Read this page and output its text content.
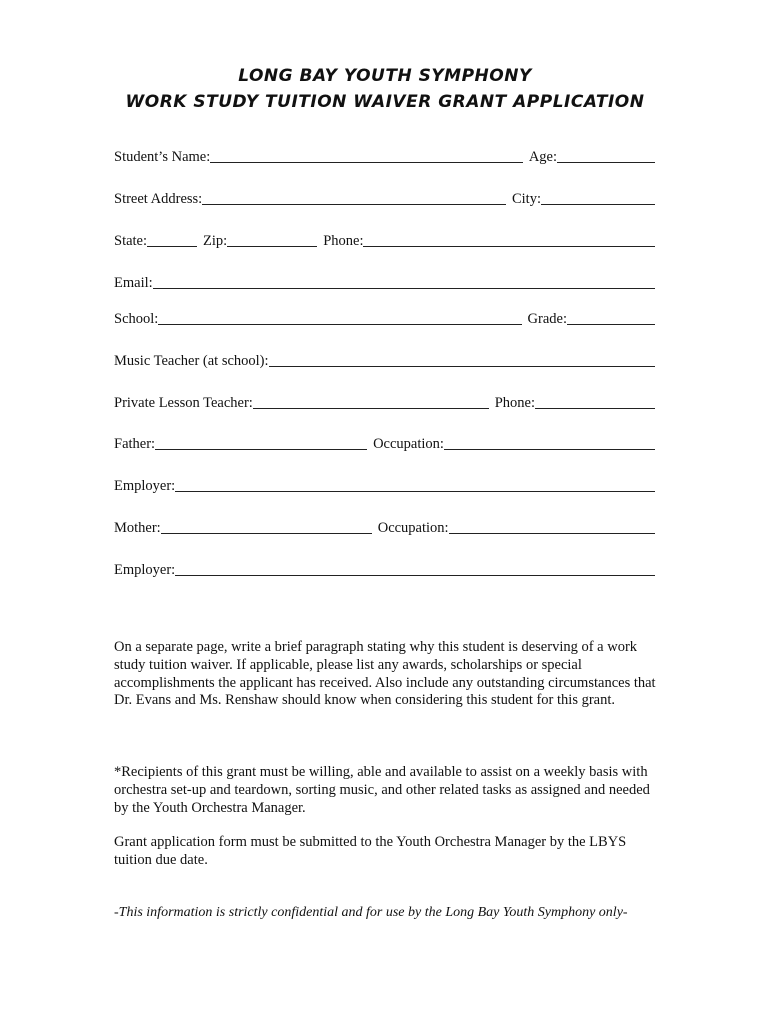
LONG BAY YOUTH SYMPHONY
WORK STUDY TUITION WAIVER GRANT APPLICATION
Student’s Name:	Age:
Street Address:	City:
State:	Zip:	Phone:
Email:
School:	Grade:
Music Teacher (at school):
Private Lesson Teacher:	Phone:
Father:	Occupation:
Employer:
Mother:	Occupation:
Employer:

On a separate page, write a brief paragraph stating why this student is deserving of a work study tuition waiver. If applicable, please list any awards, scholarships or special accomplishments the applicant has received. Also include any outstanding circumstances that Dr. Evans and Ms. Renshaw should know when considering this student for this grant.

*Recipients of this grant must be willing, able and available to assist on a weekly basis with orchestra set-up and teardown, sorting music, and other related tasks as assigned and needed by the Youth Orchestra Manager.

Grant application form must be submitted to the Youth Orchestra Manager by the LBYS tuition due date.

-This information is strictly confidential and for use by the Long Bay Youth Symphony only-
